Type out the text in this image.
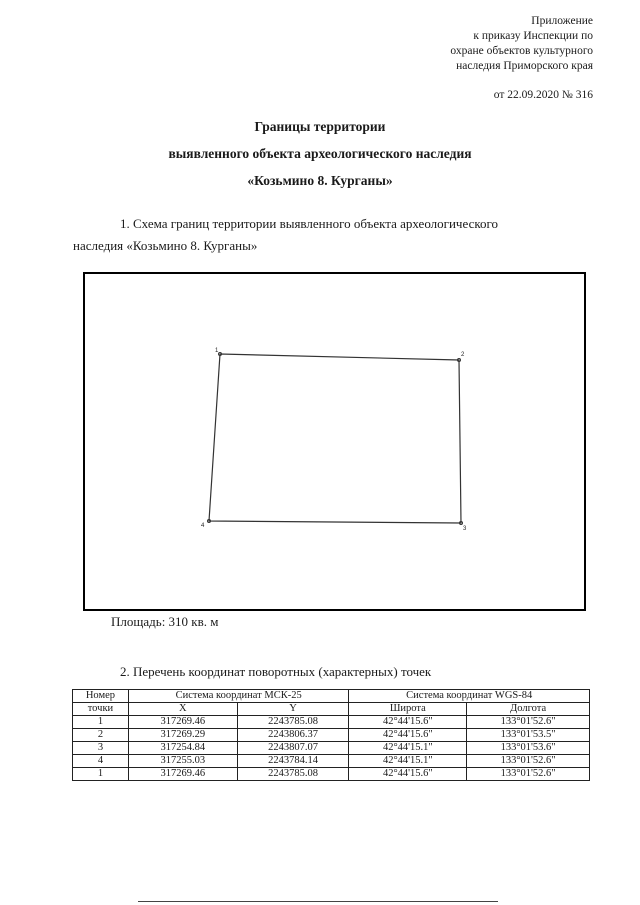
Приложение
к приказу Инспекции по
охране объектов культурного
наследия Приморского края
от 22.09.2020 № 316
Границы территории
выявленного объекта археологического наследия
«Козьмино 8. Курганы»
1. Схема границ территории выявленного объекта археологического
наследия «Козьмино 8. Курганы»
1
2
3
4
Площадь: 310 кв. м
2. Перечень координат поворотных (характерных) точек
Номер	Система координат МСК-25		Система координат WGS-84	
точки	X	Y	Широта	Долгота
1	317269.46	2243785.08	42°44'15.6"	133°01'52.6"
2	317269.29	2243806.37	42°44'15.6"	133°01'53.5"
3	317254.84	2243807.07	42°44'15.1"	133°01'53.6"
4	317255.03	2243784.14	42°44'15.1"	133°01'52.6"
1	317269.46	2243785.08	42°44'15.6"	133°01'52.6"
